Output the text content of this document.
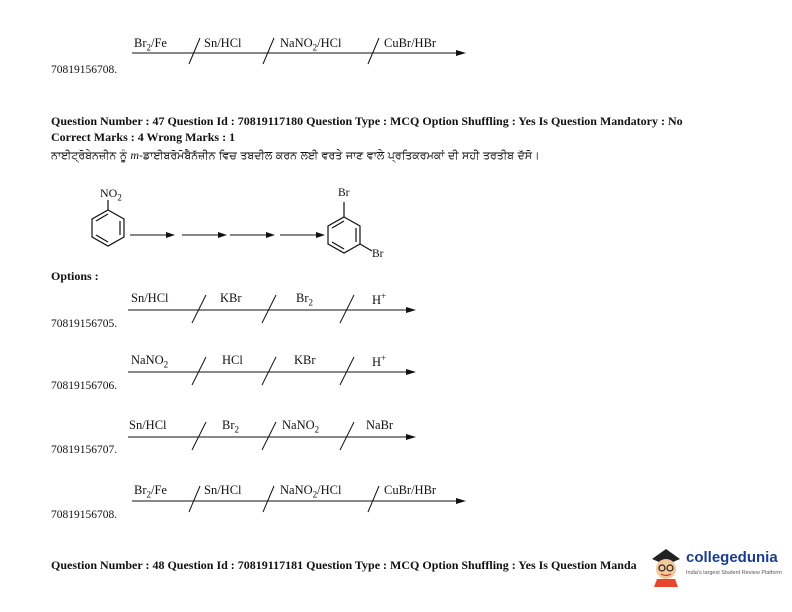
$Br_2/Fe$	Sn/HCl	NaNO$_2$/HCl	CuBr/HBr
70819156708.
Question Number : 47 Question Id : 70819117180 Question Type : MCQ Option Shuffling : Yes Is Question Mandatory : No
Correct Marks : 4 Wrong Marks : 1
ਨਾਈਟ੍ਰੋਬੇਨਜ਼ੀਨ ਨੂੰ m-ਡਾਈਬਰੋਮੋਬੈਨੱਜ਼ੀਨ ਵਿਚ ਤਬਦੀਲ ਕਰਨ ਲਈ ਵਰਤੇ ਜਾਣ ਵਾਲੇ ਪ੍ਰਤਿਕਰਮਕਾਂ ਦੀ ਸਹੀ ਤਰਤੀਬ ਦੱਸੋ।
$NO_2$	Br
Br
Options :
Sn/HCl	KBr	$Br_2$	H+
70819156705.
NaNO$_2$	HCl	KBr	H+
70819156706.
Sn/HCl	$Br_2$	NaNO$_2$	NaBr
70819156707.
$Br_2/Fe$	Sn/HCl	NaNO$_2$/HCl	CuBr/HBr
70819156708.
Question Number : 48 Question Id : 70819117181 Question Type : MCQ Option Shuffling : Yes Is Question Manda	collegedunia
India's largest Student Review Platform
